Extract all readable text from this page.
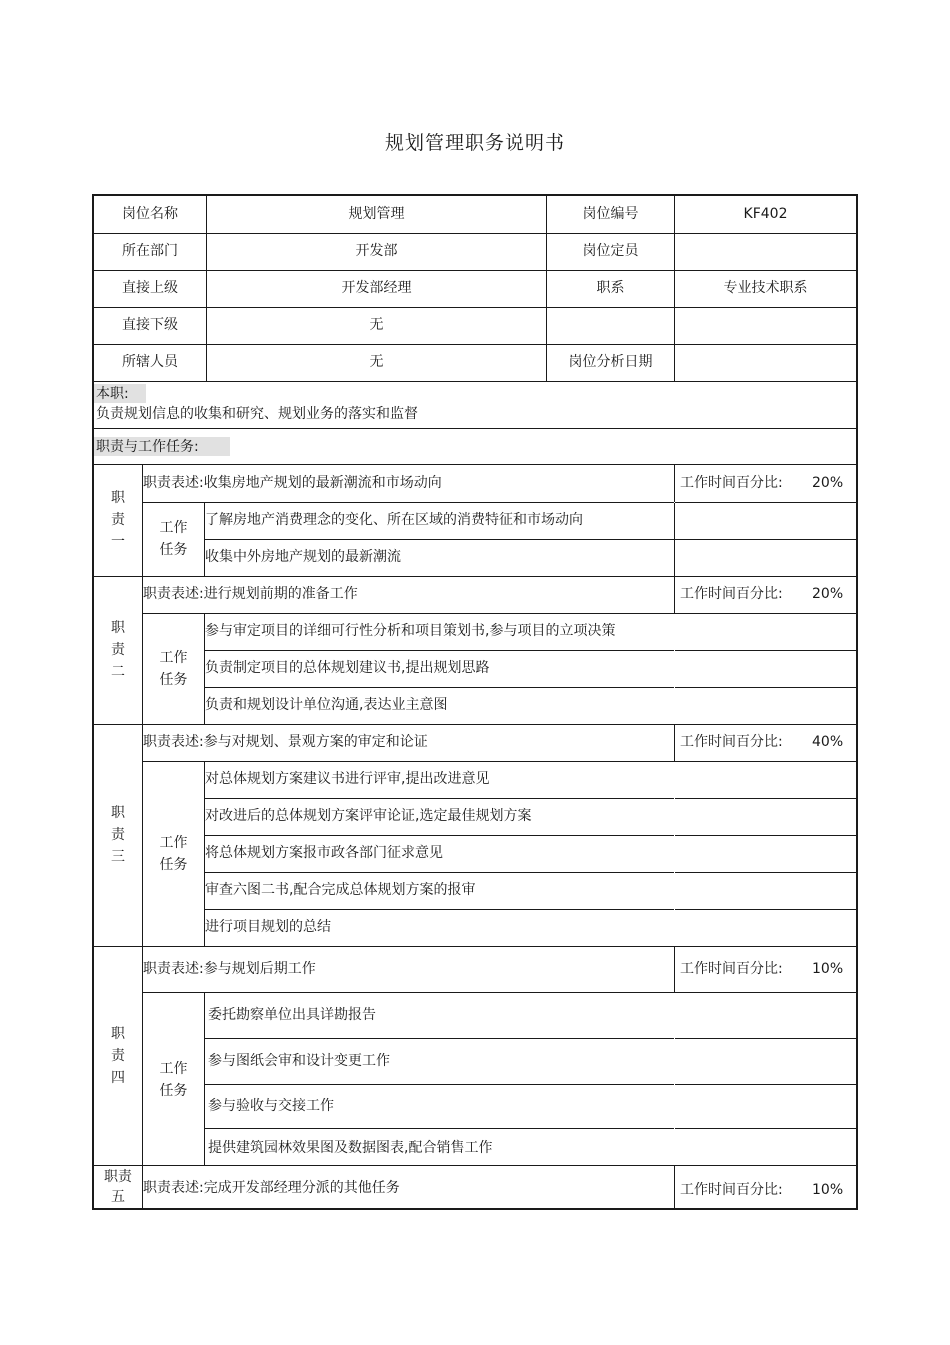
规划管理职务说明书
岗位名称	规划管理	岗位编号	KF402
所在部门	开发部	岗位定员
直接上级	开发部经理	职系	专业技术职系
直接下级	无
所辖人员	无	岗位分析日期
本职:
负责规划信息的收集和研究、规划业务的落实和监督
职责与工作任务:
职
责
一
职责表述:收集房地产规划的最新潮流和市场动向	工作时间百分比: 20%
工作
任务
了解房地产消费理念的变化、所在区域的消费特征和市场动向
收集中外房地产规划的最新潮流
职
责
二
职责表述:进行规划前期的准备工作	工作时间百分比: 20%
工作
任务
参与审定项目的详细可行性分析和项目策划书,参与项目的立项决策
负责制定项目的总体规划建议书,提出规划思路
负责和规划设计单位沟通,表达业主意图
职
责
三
职责表述:参与对规划、景观方案的审定和论证	工作时间百分比: 40%
工作
任务
对总体规划方案建议书进行评审,提出改进意见
对改进后的总体规划方案评审论证,选定最佳规划方案
将总体规划方案报市政各部门征求意见
审查六图二书,配合完成总体规划方案的报审
进行项目规划的总结
职
责
四
职责表述:参与规划后期工作	工作时间百分比: 10%
工作
任务
委托勘察单位出具详勘报告
参与图纸会审和设计变更工作
参与验收与交接工作
提供建筑园林效果图及数据图表,配合销售工作
职责
五
职责表述:完成开发部经理分派的其他任务	工作时间百分比: 10%
